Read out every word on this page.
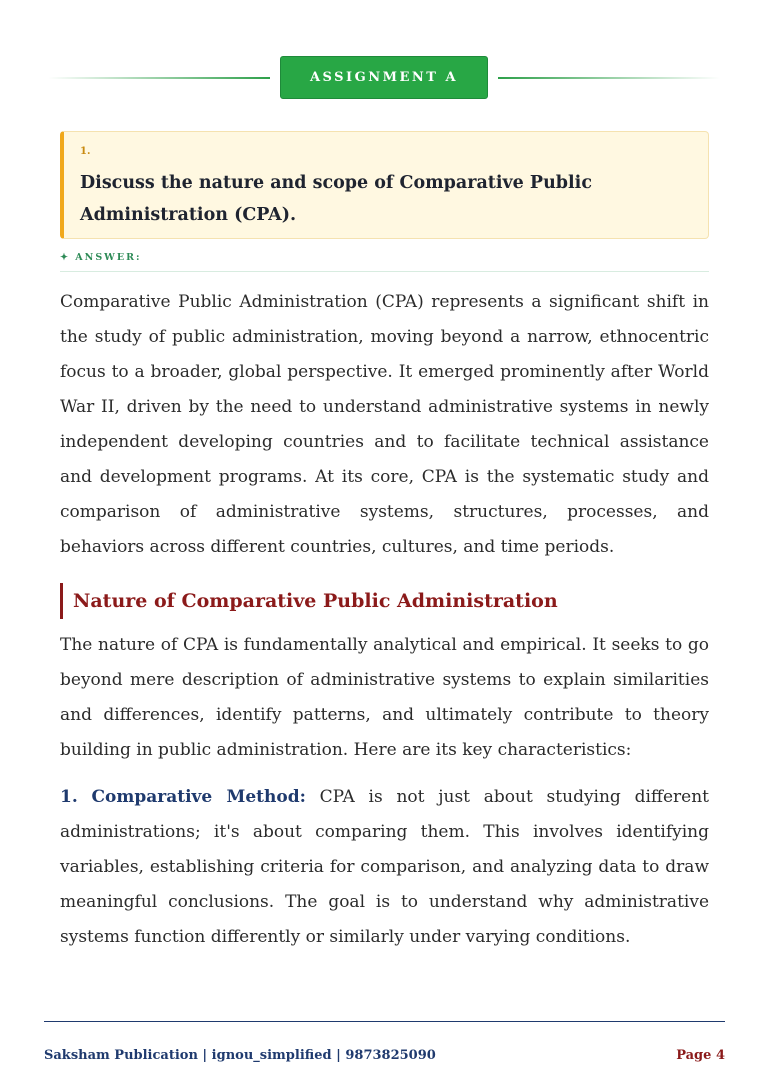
ASSIGNMENT A
1.
Discuss the nature and scope of Comparative Public Administration (CPA).
✦ ANSWER:

Comparative Public Administration (CPA) represents a significant shift in the study of public administration, moving beyond a narrow, ethnocentric focus to a broader, global perspective. It emerged prominently after World War II, driven by the need to understand administrative systems in newly independent developing countries and to facilitate technical assistance and development programs. At its core, CPA is the systematic study and comparison of administrative systems, structures, processes, and behaviors across different countries, cultures, and time periods.

Nature of Comparative Public Administration

The nature of CPA is fundamentally analytical and empirical. It seeks to go beyond mere description of administrative systems to explain similarities and differences, identify patterns, and ultimately contribute to theory building in public administration. Here are its key characteristics:

1. Comparative Method: CPA is not just about studying different administrations; it's about comparing them. This involves identifying variables, establishing criteria for comparison, and analyzing data to draw meaningful conclusions. The goal is to understand why administrative systems function differently or similarly under varying conditions.

Saksham Publication | ignou_simplified | 9873825090	Page 4
